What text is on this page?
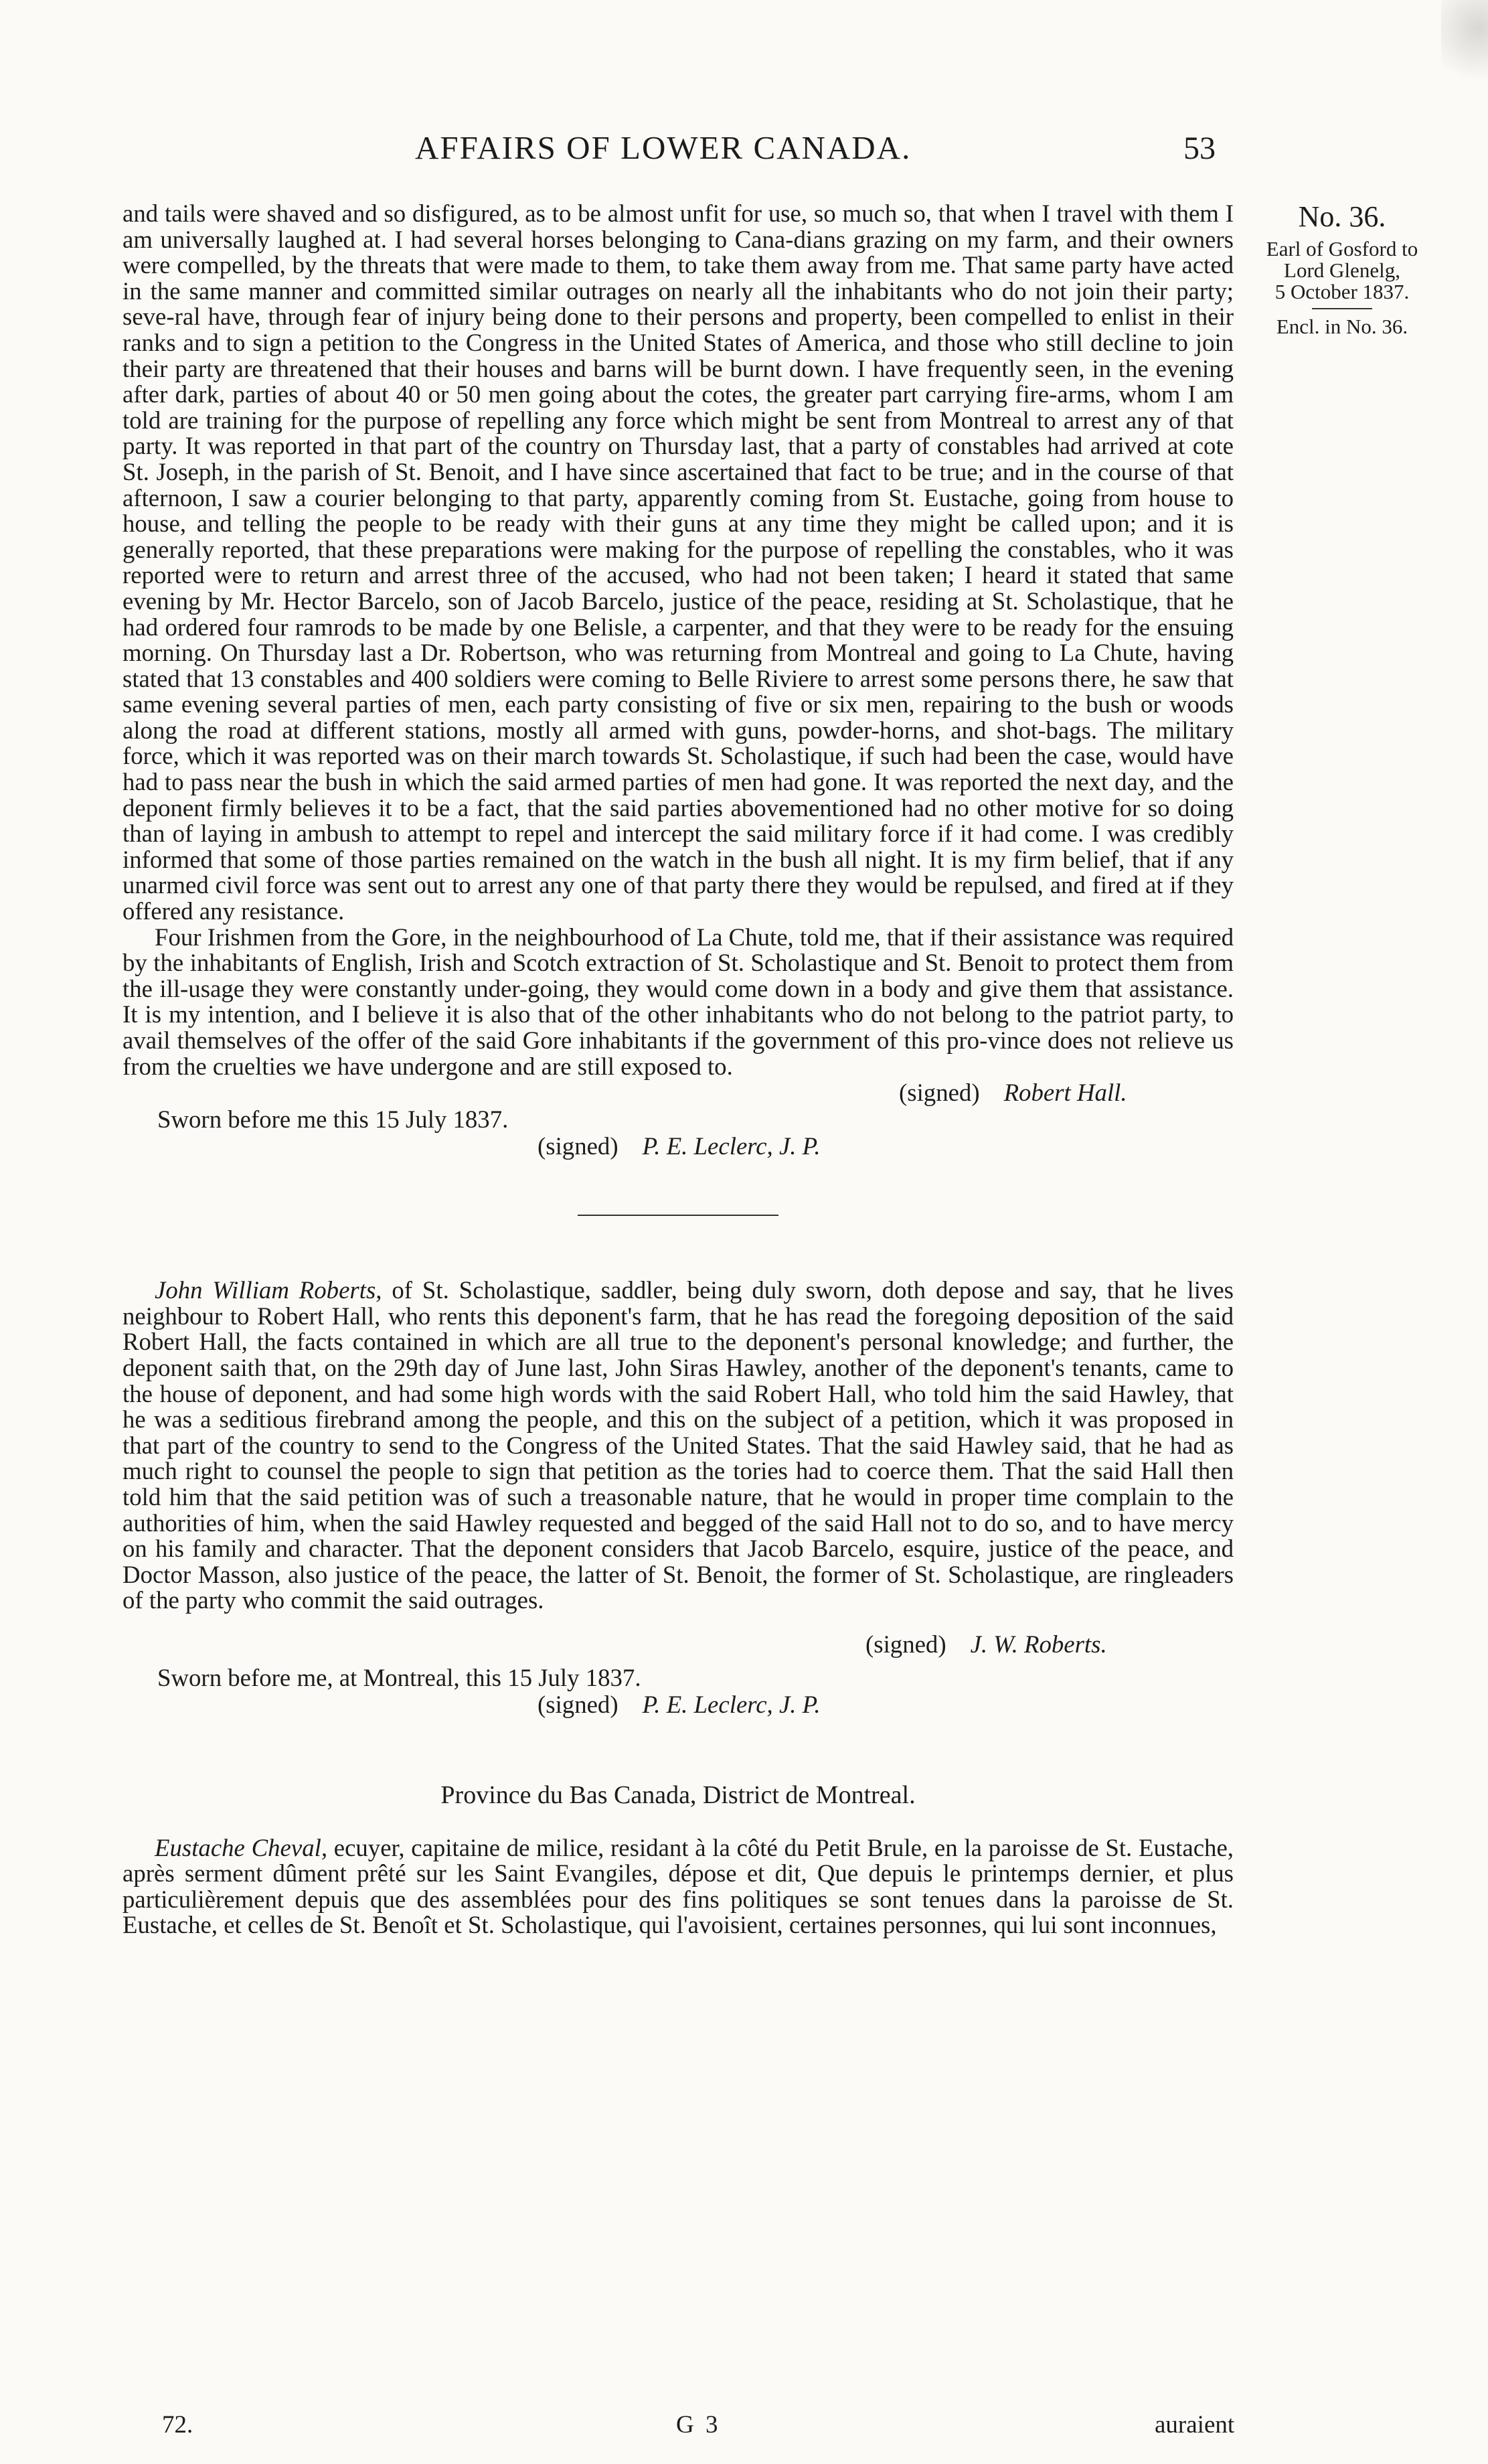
AFFAIRS OF LOWER CANADA.	53
No. 36.
Earl of Gosford to
Lord Glenelg,
5 October 1837.
Encl. in No. 36.

and tails were shaved and so disfigured, as to be almost unfit for use, so much so, that when I travel with them I am universally laughed at. I had several horses belonging to Cana-dians grazing on my farm, and their owners were compelled, by the threats that were made to them, to take them away from me. That same party have acted in the same manner and committed similar outrages on nearly all the inhabitants who do not join their party; seve-ral have, through fear of injury being done to their persons and property, been compelled to enlist in their ranks and to sign a petition to the Congress in the United States of America, and those who still decline to join their party are threatened that their houses and barns will be burnt down. I have frequently seen, in the evening after dark, parties of about 40 or 50 men going about the cotes, the greater part carrying fire-arms, whom I am told are training for the purpose of repelling any force which might be sent from Montreal to arrest any of that party. It was reported in that part of the country on Thursday last, that a party of constables had arrived at cote St. Joseph, in the parish of St. Benoit, and I have since ascertained that fact to be true; and in the course of that afternoon, I saw a courier belonging to that party, apparently coming from St. Eustache, going from house to house, and telling the people to be ready with their guns at any time they might be called upon; and it is generally reported, that these preparations were making for the purpose of repelling the constables, who it was reported were to return and arrest three of the accused, who had not been taken; I heard it stated that same evening by Mr. Hector Barcelo, son of Jacob Barcelo, justice of the peace, residing at St. Scholastique, that he had ordered four ramrods to be made by one Belisle, a carpenter, and that they were to be ready for the ensuing morning. On Thursday last a Dr. Robertson, who was returning from Montreal and going to La Chute, having stated that 13 constables and 400 soldiers were coming to Belle Riviere to arrest some persons there, he saw that same evening several parties of men, each party consisting of five or six men, repairing to the bush or woods along the road at different stations, mostly all armed with guns, powder-horns, and shot-bags. The military force, which it was reported was on their march towards St. Scholastique, if such had been the case, would have had to pass near the bush in which the said armed parties of men had gone. It was reported the next day, and the deponent firmly believes it to be a fact, that the said parties abovementioned had no other motive for so doing than of laying in ambush to attempt to repel and intercept the said military force if it had come. I was credibly informed that some of those parties remained on the watch in the bush all night. It is my firm belief, that if any unarmed civil force was sent out to arrest any one of that party there they would be repulsed, and fired at if they offered any resistance.

Four Irishmen from the Gore, in the neighbourhood of La Chute, told me, that if their assistance was required by the inhabitants of English, Irish and Scotch extraction of St. Scholastique and St. Benoit to protect them from the ill-usage they were constantly under-going, they would come down in a body and give them that assistance. It is my intention, and I believe it is also that of the other inhabitants who do not belong to the patriot party, to avail themselves of the offer of the said Gore inhabitants if the government of this pro-vince does not relieve us from the cruelties we have undergone and are still exposed to.

(signed) Robert Hall.
Sworn before me this 15 July 1837.
(signed) P. E. Leclerc, J. P.

John William Roberts, of St. Scholastique, saddler, being duly sworn, doth depose and say, that he lives neighbour to Robert Hall, who rents this deponent's farm, that he has read the foregoing deposition of the said Robert Hall, the facts contained in which are all true to the deponent's personal knowledge; and further, the deponent saith that, on the 29th day of June last, John Siras Hawley, another of the deponent's tenants, came to the house of deponent, and had some high words with the said Robert Hall, who told him the said Hawley, that he was a seditious firebrand among the people, and this on the subject of a petition, which it was proposed in that part of the country to send to the Congress of the United States. That the said Hawley said, that he had as much right to counsel the people to sign that petition as the tories had to coerce them. That the said Hall then told him that the said petition was of such a treasonable nature, that he would in proper time complain to the authorities of him, when the said Hawley requested and begged of the said Hall not to do so, and to have mercy on his family and character. That the deponent considers that Jacob Barcelo, esquire, justice of the peace, and Doctor Masson, also justice of the peace, the latter of St. Benoit, the former of St. Scholastique, are ringleaders of the party who commit the said outrages.

(signed) J. W. Roberts.
Sworn before me, at Montreal, this 15 July 1837.
(signed) P. E. Leclerc, J. P.

Province du Bas Canada, District de Montreal.

Eustache Cheval, ecuyer, capitaine de milice, residant à la côté du Petit Brule, en la paroisse de St. Eustache, après serment dûment prêté sur les Saint Evangiles, dépose et dit, Que depuis le printemps dernier, et plus particulièrement depuis que des assemblées pour des fins politiques se sont tenues dans la paroisse de St. Eustache, et celles de St. Benoît et St. Scholastique, qui l'avoisient, certaines personnes, qui lui sont inconnues,

72.	G 3	auraient
